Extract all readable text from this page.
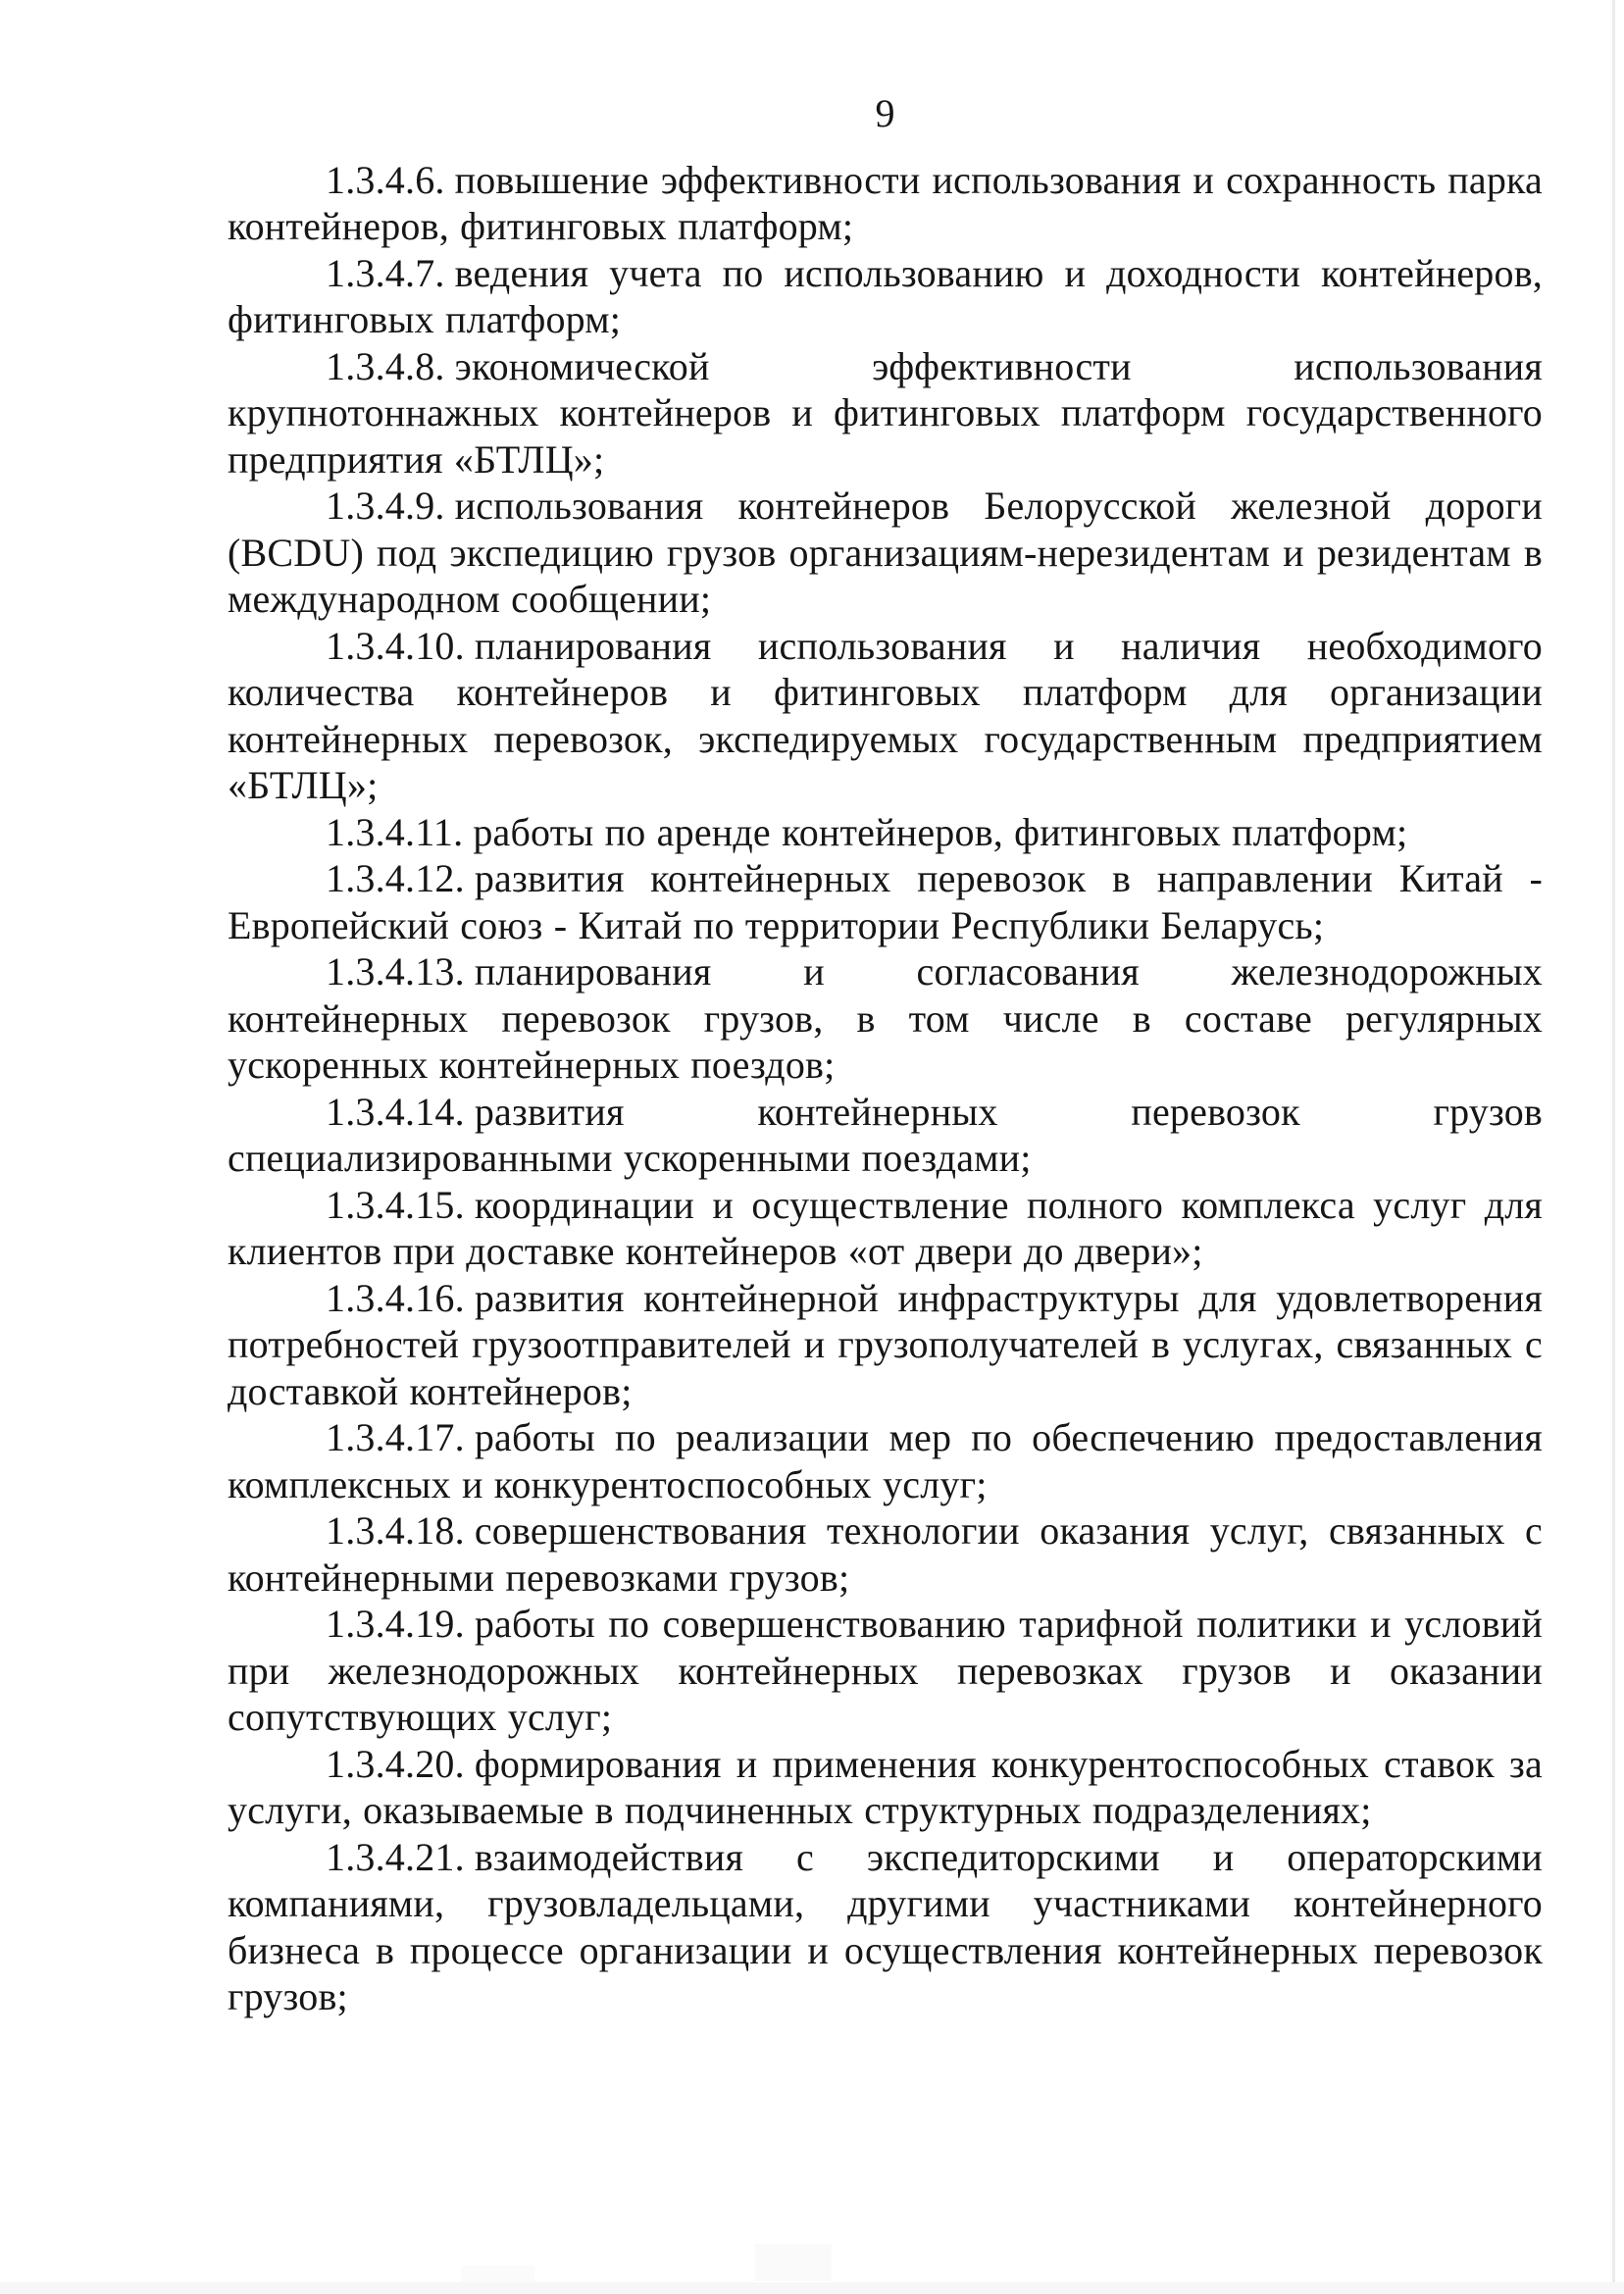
9

1.3.4.6. повышение эффективности использования и сохранность парка контейнеров, фитинговых платформ;

1.3.4.7. ведения учета по использованию и доходности контейнеров, фитинговых платформ;

1.3.4.8. экономической эффективности использования крупнотоннажных контейнеров и фитинговых платформ государственного предприятия «БТЛЦ»;

1.3.4.9. использования контейнеров Белорусской железной дороги (BCDU) под экспедицию грузов организациям-нерезидентам и резидентам в международном сообщении;

1.3.4.10. планирования использования и наличия необходимого количества контейнеров и фитинговых платформ для организации контейнерных перевозок, экспедируемых государственным предприятием «БТЛЦ»;

1.3.4.11. работы по аренде контейнеров, фитинговых платформ;

1.3.4.12. развития контейнерных перевозок в направлении Китай - Европейский союз - Китай по территории Республики Беларусь;

1.3.4.13. планирования и согласования железнодорожных контейнерных перевозок грузов, в том числе в составе регулярных ускоренных контейнерных поездов;

1.3.4.14. развития контейнерных перевозок грузов специализированными ускоренными поездами;

1.3.4.15. координации и осуществление полного комплекса услуг для клиентов при доставке контейнеров «от двери до двери»;

1.3.4.16. развития контейнерной инфраструктуры для удовлетворения потребностей грузоотправителей и грузополучателей в услугах, связанных с доставкой контейнеров;

1.3.4.17. работы по реализации мер по обеспечению предоставления комплексных и конкурентоспособных услуг;

1.3.4.18. совершенствования технологии оказания услуг, связанных с контейнерными перевозками грузов;

1.3.4.19. работы по совершенствованию тарифной политики и условий при железнодорожных контейнерных перевозках грузов и оказании сопутствующих услуг;

1.3.4.20. формирования и применения конкурентоспособных ставок за услуги, оказываемые в подчиненных структурных подразделениях;

1.3.4.21. взаимодействия с экспедиторскими и операторскими компаниями, грузовладельцами, другими участниками контейнерного бизнеса в процессе организации и осуществления контейнерных перевозок грузов;
